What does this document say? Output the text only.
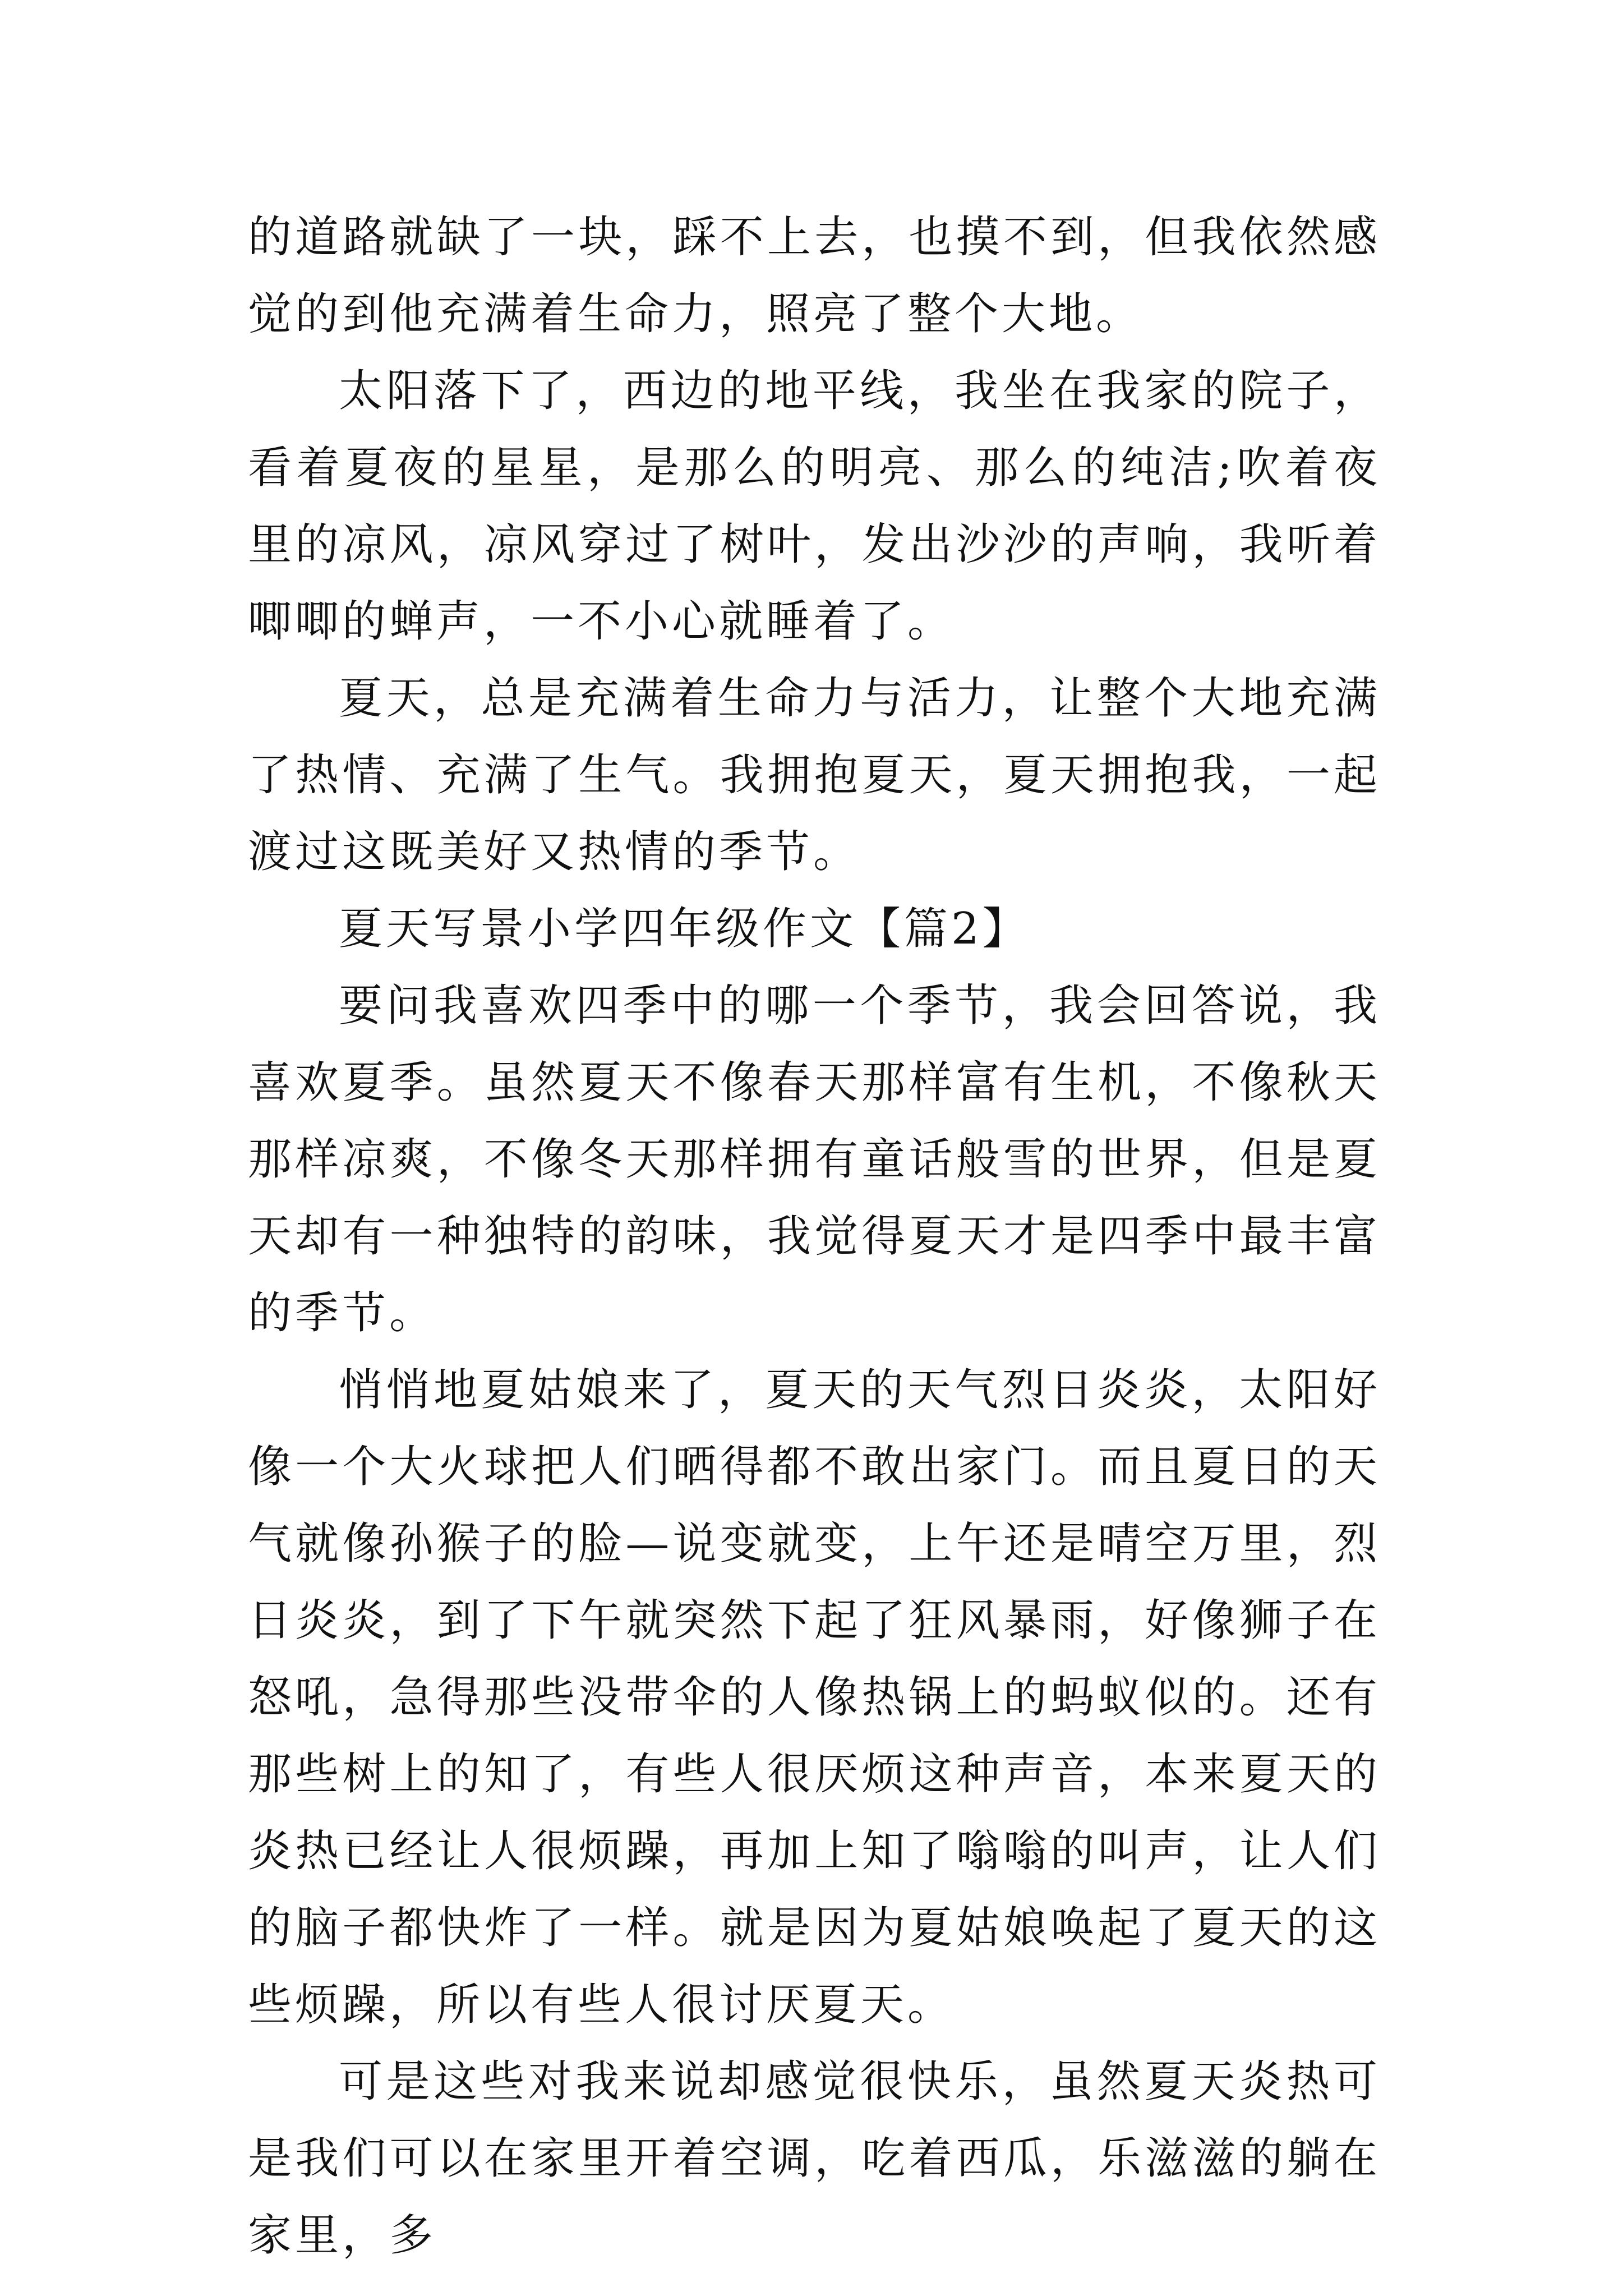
的道路就缺了一块，踩不上去，也摸不到，但我依然感觉的到他充满着生命力，照亮了整个大地。

太阳落下了，西边的地平线，我坐在我家的院子，看着夏夜的星星，是那么的明亮、那么的纯洁;吹着夜里的凉风，凉风穿过了树叶，发出沙沙的声响，我听着唧唧的蝉声，一不小心就睡着了。

夏天，总是充满着生命力与活力，让整个大地充满了热情、充满了生气。我拥抱夏天，夏天拥抱我，一起渡过这既美好又热情的季节。

夏天写景小学四年级作文【篇2】

要问我喜欢四季中的哪一个季节，我会回答说，我喜欢夏季。虽然夏天不像春天那样富有生机，不像秋天那样凉爽，不像冬天那样拥有童话般雪的世界，但是夏天却有一种独特的韵味，我觉得夏天才是四季中最丰富的季节。

悄悄地夏姑娘来了，夏天的天气烈日炎炎，太阳好像一个大火球把人们晒得都不敢出家门。而且夏日的天气就像孙猴子的脸—说变就变，上午还是晴空万里，烈日炎炎，到了下午就突然下起了狂风暴雨，好像狮子在怒吼，急得那些没带伞的人像热锅上的蚂蚁似的。还有那些树上的知了，有些人很厌烦这种声音，本来夏天的炎热已经让人很烦躁，再加上知了嗡嗡的叫声，让人们的脑子都快炸了一样。就是因为夏姑娘唤起了夏天的这些烦躁，所以有些人很讨厌夏天。

可是这些对我来说却感觉很快乐，虽然夏天炎热可是我们可以在家里开着空调，吃着西瓜，乐滋滋的躺在家里，多
